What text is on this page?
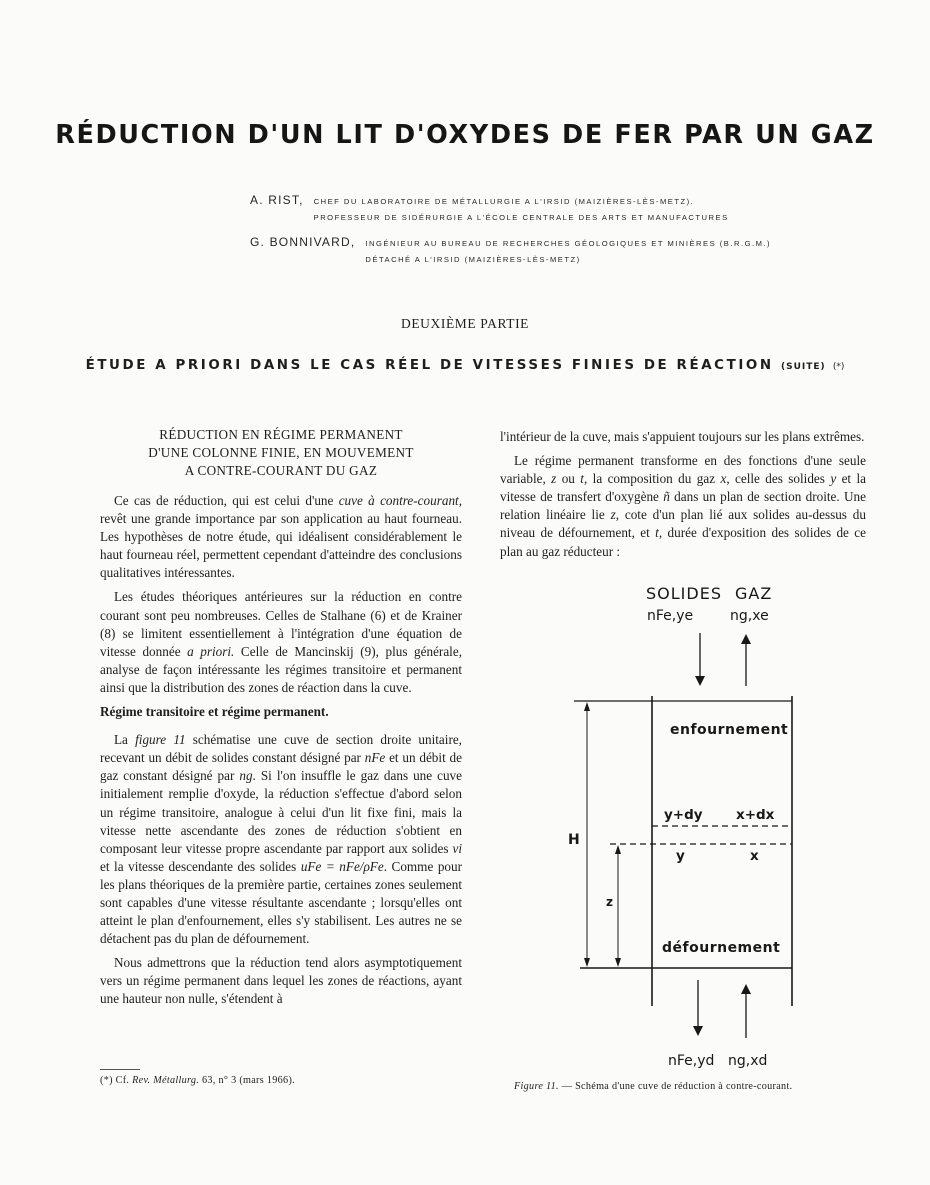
RÉDUCTION D'UN LIT D'OXYDES DE FER PAR UN GAZ
A. RIST, CHEF DU LABORATOIRE DE MÉTALLURGIE A L'IRSID (MAIZIÈRES-LÈS-METZ).
PROFESSEUR DE SIDÉRURGIE A L'ÉCOLE CENTRALE DES ARTS ET MANUFACTURES
G. BONNIVARD, INGÉNIEUR AU BUREAU DE RECHERCHES GÉOLOGIQUES ET MINIÈRES (B.R.G.M.)
DÉTACHÉ A L'IRSID (MAIZIÈRES-LÈS-METZ)
DEUXIÈME PARTIE
ÉTUDE A PRIORI DANS LE CAS RÉEL DE VITESSES FINIES DE RÉACTION (SUITE) (*)
RÉDUCTION EN RÉGIME PERMANENT
D'UNE COLONNE FINIE, EN MOUVEMENT
A CONTRE-COURANT DU GAZ

Ce cas de réduction, qui est celui d'une cuve à contre-courant, revêt une grande importance par son application au haut fourneau. Les hypothèses de notre étude, qui idéalisent considérablement le haut fourneau réel, permettent cependant d'atteindre des conclusions qualitatives intéressantes.

Les études théoriques antérieures sur la réduction en contre courant sont peu nombreuses. Celles de Stalhane (6) et de Krainer (8) se limitent essentiellement à l'intégration d'une équation de vitesse donnée a priori. Celle de Mancinskij (9), plus générale, analyse de façon intéressante les régimes transitoire et permanent ainsi que la distribution des zones de réaction dans la cuve.

Régime transitoire et régime permanent.

La figure 11 schématise une cuve de section droite unitaire, recevant un débit de solides constant désigné par nFe et un débit de gaz constant désigné par ng. Si l'on insuffle le gaz dans une cuve initialement remplie d'oxyde, la réduction s'effectue d'abord selon un régime transitoire, analogue à celui d'un lit fixe fini, mais la vitesse nette ascendante des zones de réduction s'obtient en composant leur vitesse propre ascendante par rapport aux solides vi et la vitesse descendante des solides uFe = nFe/ρFe. Comme pour les plans théoriques de la première partie, certaines zones seulement sont capables d'une vitesse résultante ascendante ; lorsqu'elles ont atteint le plan d'enfournement, elles s'y stabilisent. Les autres ne se détachent pas du plan de défournement.

Nous admettrons que la réduction tend alors asymptotiquement vers un régime permanent dans lequel les zones de réactions, ayant une hauteur non nulle, s'étendent à

(*) Cf. Rev. Métallurg. 63, n° 3 (mars 1966).

l'intérieur de la cuve, mais s'appuient toujours sur les plans extrêmes.

Le régime permanent transforme en des fonctions d'une seule variable, z ou t, la composition du gaz x, celle des solides y et la vitesse de transfert d'oxygène ñ dans un plan de section droite. Une relation linéaire lie z, cote d'un plan lié aux solides au-dessus du niveau de défournement, et t, durée d'exposition des solides de ce plan au gaz réducteur :

SOLIDES GAZ
nFe,ye	ng,xe
enfournement
y+dy x+dx
y	x
défournement
H
z
nFe,yd ng,xd
Figure 11. — Schéma d'une cuve de réduction à contre-courant.
